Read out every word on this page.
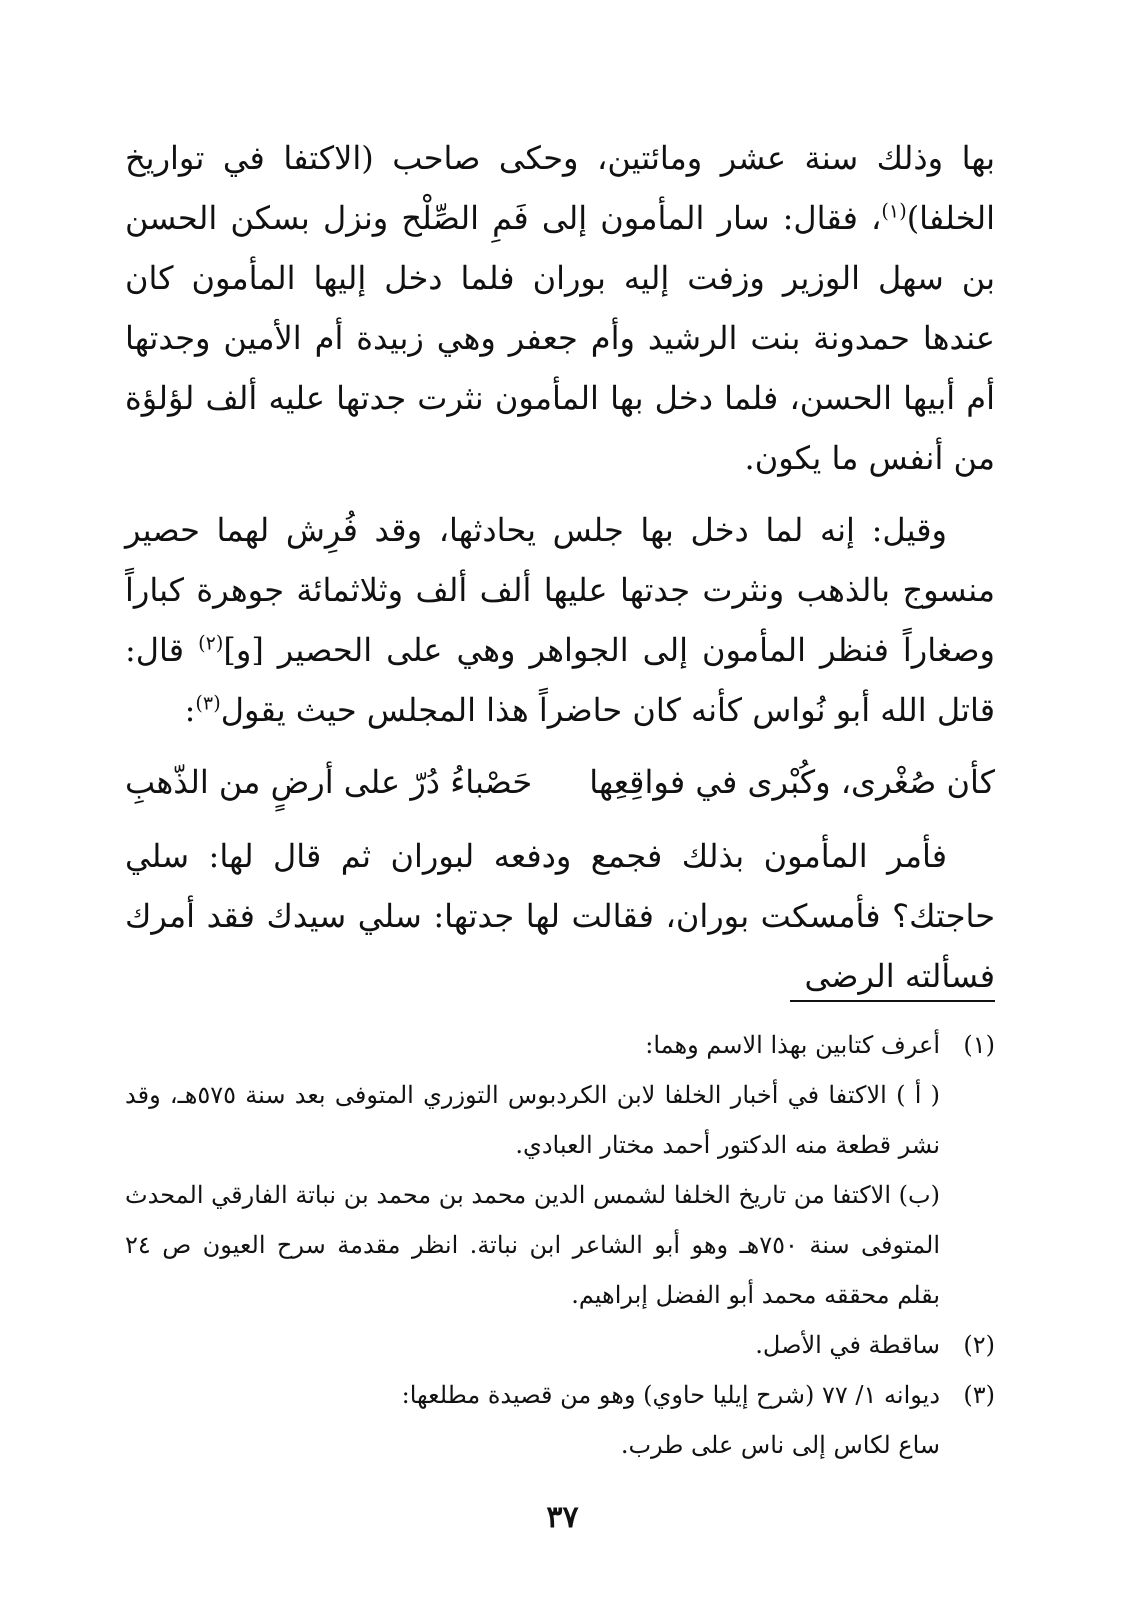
بها وذلك سنة عشر ومائتين، وحكى صاحب (الاكتفا في تواريخ الخلفا)$^{(١)}$، فقال: سار المأمون إلى فَمِ الصِّلْح ونزل بسكن الحسن بن سهل الوزير وزفت إليه بوران فلما دخل إليها المأمون كان عندها حمدونة بنت الرشيد وأم جعفر وهي زبيدة أم الأمين وجدتها أم أبيها الحسن، فلما دخل بها المأمون نثرت جدتها عليه ألف لؤلؤة من أنفس ما يكون.

وقيل: إنه لما دخل بها جلس يحادثها، وقد فُرِش لهما حصير منسوج بالذهب ونثرت جدتها عليها ألف ألف وثلاثمائة جوهرة كباراً وصغاراً فنظر المأمون إلى الجواهر وهي على الحصير [و]$^{(٢)}$ قال: قاتل الله أبو نُواس كأنه كان حاضراً هذا المجلس حيث يقول$^{(٣)}$:

كأن صُغْرى، وكُبْرى في فواقِعِها
حَصْباءُ دُرّ على أرضٍ من الذّهبِ

فأمر المأمون بذلك فجمع ودفعه لبوران ثم قال لها: سلي حاجتك؟ فأمسكت بوران، فقالت لها جدتها: سلي سيدك فقد أمرك فسألته الرضى

(١)

أعرف كتابين بهذا الاسم وهما:

( أ ) الاكتفا في أخبار الخلفا لابن الكردبوس التوزري المتوفى بعد سنة ٥٧٥هـ، وقد نشر قطعة منه الدكتور أحمد مختار العبادي.

(ب) الاكتفا من تاريخ الخلفا لشمس الدين محمد بن محمد بن نباتة الفارقي المحدث المتوفى سنة ٧٥٠هـ وهو أبو الشاعر ابن نباتة. انظر مقدمة سرح العيون ص ٢٤ بقلم محققه محمد أبو الفضل إبراهيم.

(٢)
ساقطة في الأصل.
(٣)

ديوانه ١/ ٧٧ (شرح إيليا حاوي) وهو من قصيدة مطلعها:

ساع لكاس إلى ناس على طرب.

٣٧
